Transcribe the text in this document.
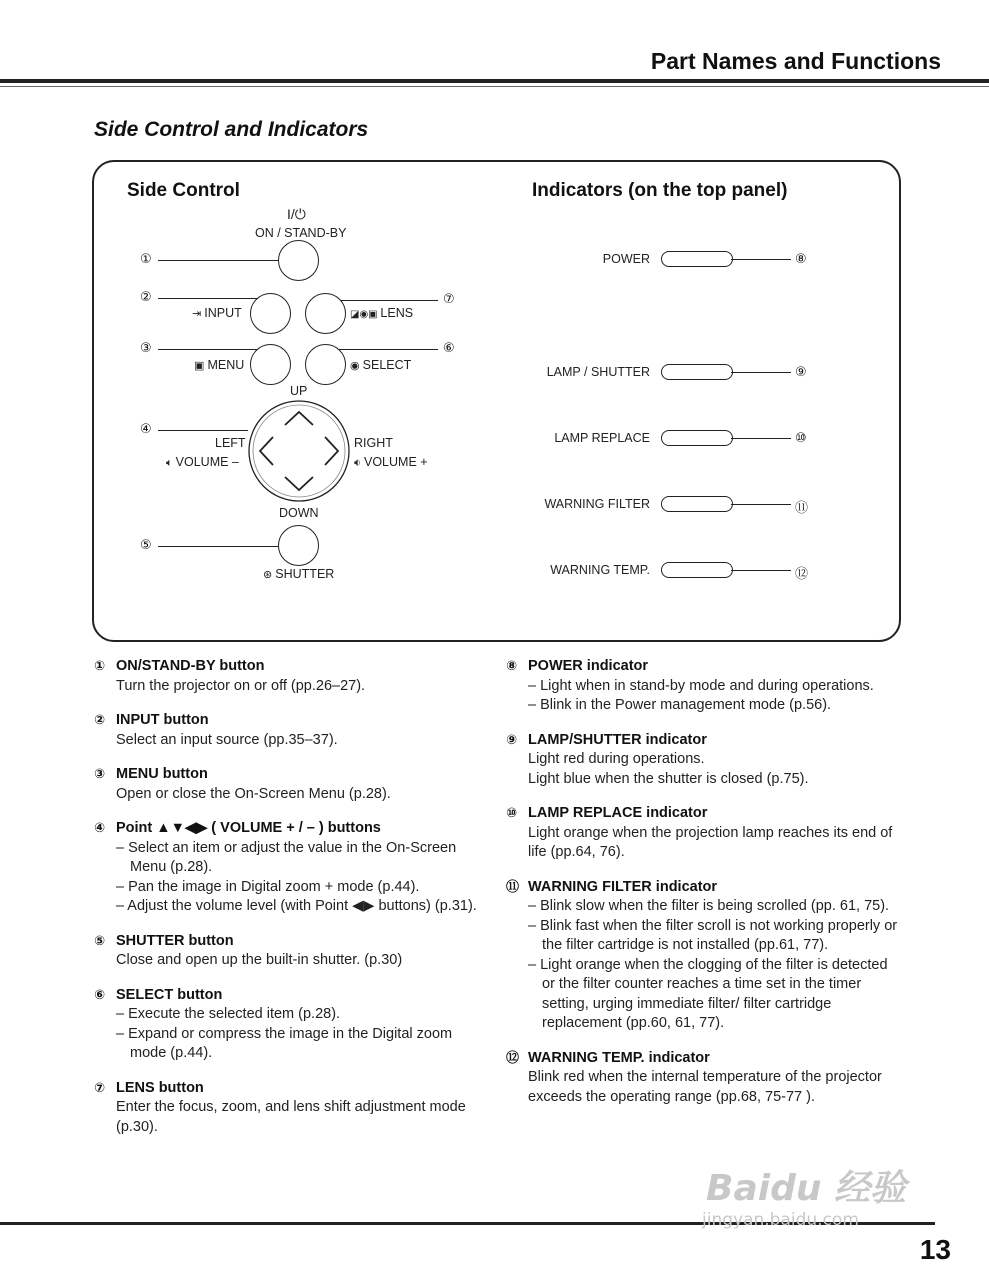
Part Names and Functions
Side Control and Indicators
Side Control	Indicators (on the top panel)
I/⏻
ON / STAND-BY
①
②
⇥ INPUT
⑦
◪◉▣ LENS
③
▣ MENU
⑥
◉ SELECT
UP
④
LEFT
🔈︎ VOLUME –
RIGHT
🔉︎ VOLUME +
DOWN
⑤
⊛ SHUTTER
POWER	⑧
LAMP / SHUTTER	⑨
LAMP REPLACE	⑩
WARNING FILTER	⑪
WARNING TEMP.	⑫
① ON/STAND-BY button
Turn the projector on or off (pp.26–27).
② INPUT button
Select an input source (pp.35–37).
③ MENU button
Open or close the On-Screen Menu (p.28).
④ Point ▲▼◀▶ ( VOLUME + / – ) buttons
– Select an item or adjust the value in the On-Screen Menu (p.28).
– Pan the image in Digital zoom + mode (p.44).
– Adjust the volume level (with Point ◀▶ buttons) (p.31).
⑤ SHUTTER button
Close and open up the built-in shutter. (p.30)
⑥ SELECT button
– Execute the selected item (p.28).
– Expand or compress the image in the Digital zoom mode (p.44).
⑦ LENS button
Enter the focus, zoom, and lens shift adjustment mode (p.30).
⑧ POWER indicator
– Light when in stand-by mode and during operations.
– Blink in the Power management mode (p.56).
⑨ LAMP/SHUTTER indicator
Light red during operations.
Light blue when the shutter is closed (p.75).
⑩ LAMP REPLACE indicator
Light orange when the projection lamp reaches its end of life (pp.64, 76).
⑪ WARNING FILTER indicator
– Blink slow when the filter is being scrolled (pp. 61, 75).
– Blink fast when the filter scroll is not working properly or the filter cartridge is not installed (pp.61, 77).
– Light orange when the clogging of the filter is detected or the filter counter reaches a time set in the timer setting, urging immediate filter/ filter cartridge replacement (pp.60, 61, 77).
⑫ WARNING TEMP. indicator
Blink red when the internal temperature of the projector exceeds the operating range (pp.68, 75-77 ).
13
Baidu 经验
jingyan.baidu.com
